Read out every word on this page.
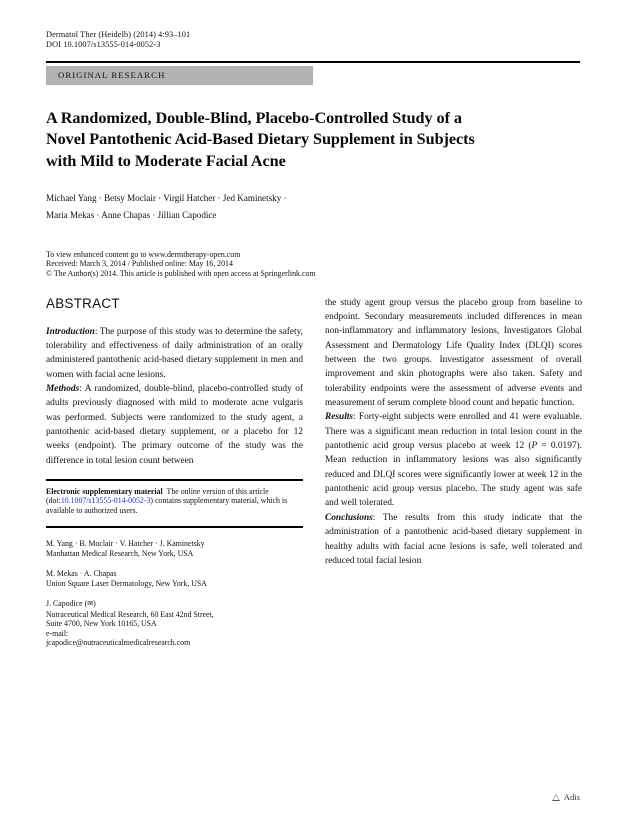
Dermatol Ther (Heidelb) (2014) 4:93–101
DOI 10.1007/s13555-014-0052-3
ORIGINAL RESEARCH
A Randomized, Double-Blind, Placebo-Controlled Study of a Novel Pantothenic Acid-Based Dietary Supplement in Subjects with Mild to Moderate Facial Acne
Michael Yang · Betsy Moclair · Virgil Hatcher · Jed Kaminetsky ·
Maria Mekas · Anne Chapas · Jillian Capodice
To view enhanced content go to www.dermtherapy-open.com
Received: March 3, 2014 / Published online: May 16, 2014
© The Author(s) 2014. This article is published with open access at Springerlink.com
ABSTRACT

Introduction: The purpose of this study was to determine the safety, tolerability and effectiveness of daily administration of an orally administered pantothenic acid-based dietary supplement in men and women with facial acne lesions.

Methods: A randomized, double-blind, placebo-controlled study of adults previously diagnosed with mild to moderate acne vulgaris was performed. Subjects were randomized to the study agent, a pantothenic acid-based dietary supplement, or a placebo for 12 weeks (endpoint). The primary outcome of the study was the difference in total lesion count between

Electronic supplementary material The online version of this article (doi:10.1007/s13555-014-0052-3) contains supplementary material, which is available to authorized users.
M. Yang · B. Moclair · V. Hatcher · J. Kaminetsky
Manhattan Medical Research, New York, USA
M. Mekas · A. Chapas
Union Square Laser Dermatology, New York, USA
J. Capodice (✉)
Nutraceutical Medical Research, 60 East 42nd Street,
Suite 4700, New York 10165, USA
e-mail:
jcapodice@nutraceuticalmedicalresearch.com

the study agent group versus the placebo group from baseline to endpoint. Secondary measurements included differences in mean non-inflammatory and inflammatory lesions, Investigators Global Assessment and Dermatology Life Quality Index (DLQI) scores between the two groups. Investigator assessment of overall improvement and skin photographs were also taken. Safety and tolerability endpoints were the assessment of adverse events and measurement of serum complete blood count and hepatic function.

Results: Forty-eight subjects were enrolled and 41 were evaluable. There was a significant mean reduction in total lesion count in the pantothenic acid group versus placebo at week 12 (P = 0.0197). Mean reduction in inflammatory lesions was also significantly reduced and DLQI scores were significantly lower at week 12 in the pantothenic acid group versus placebo. The study agent was safe and well tolerated.

Conclusions: The results from this study indicate that the administration of a pantothenic acid-based dietary supplement in healthy adults with facial acne lesions is safe, well tolerated and reduced total facial lesion

Adis
